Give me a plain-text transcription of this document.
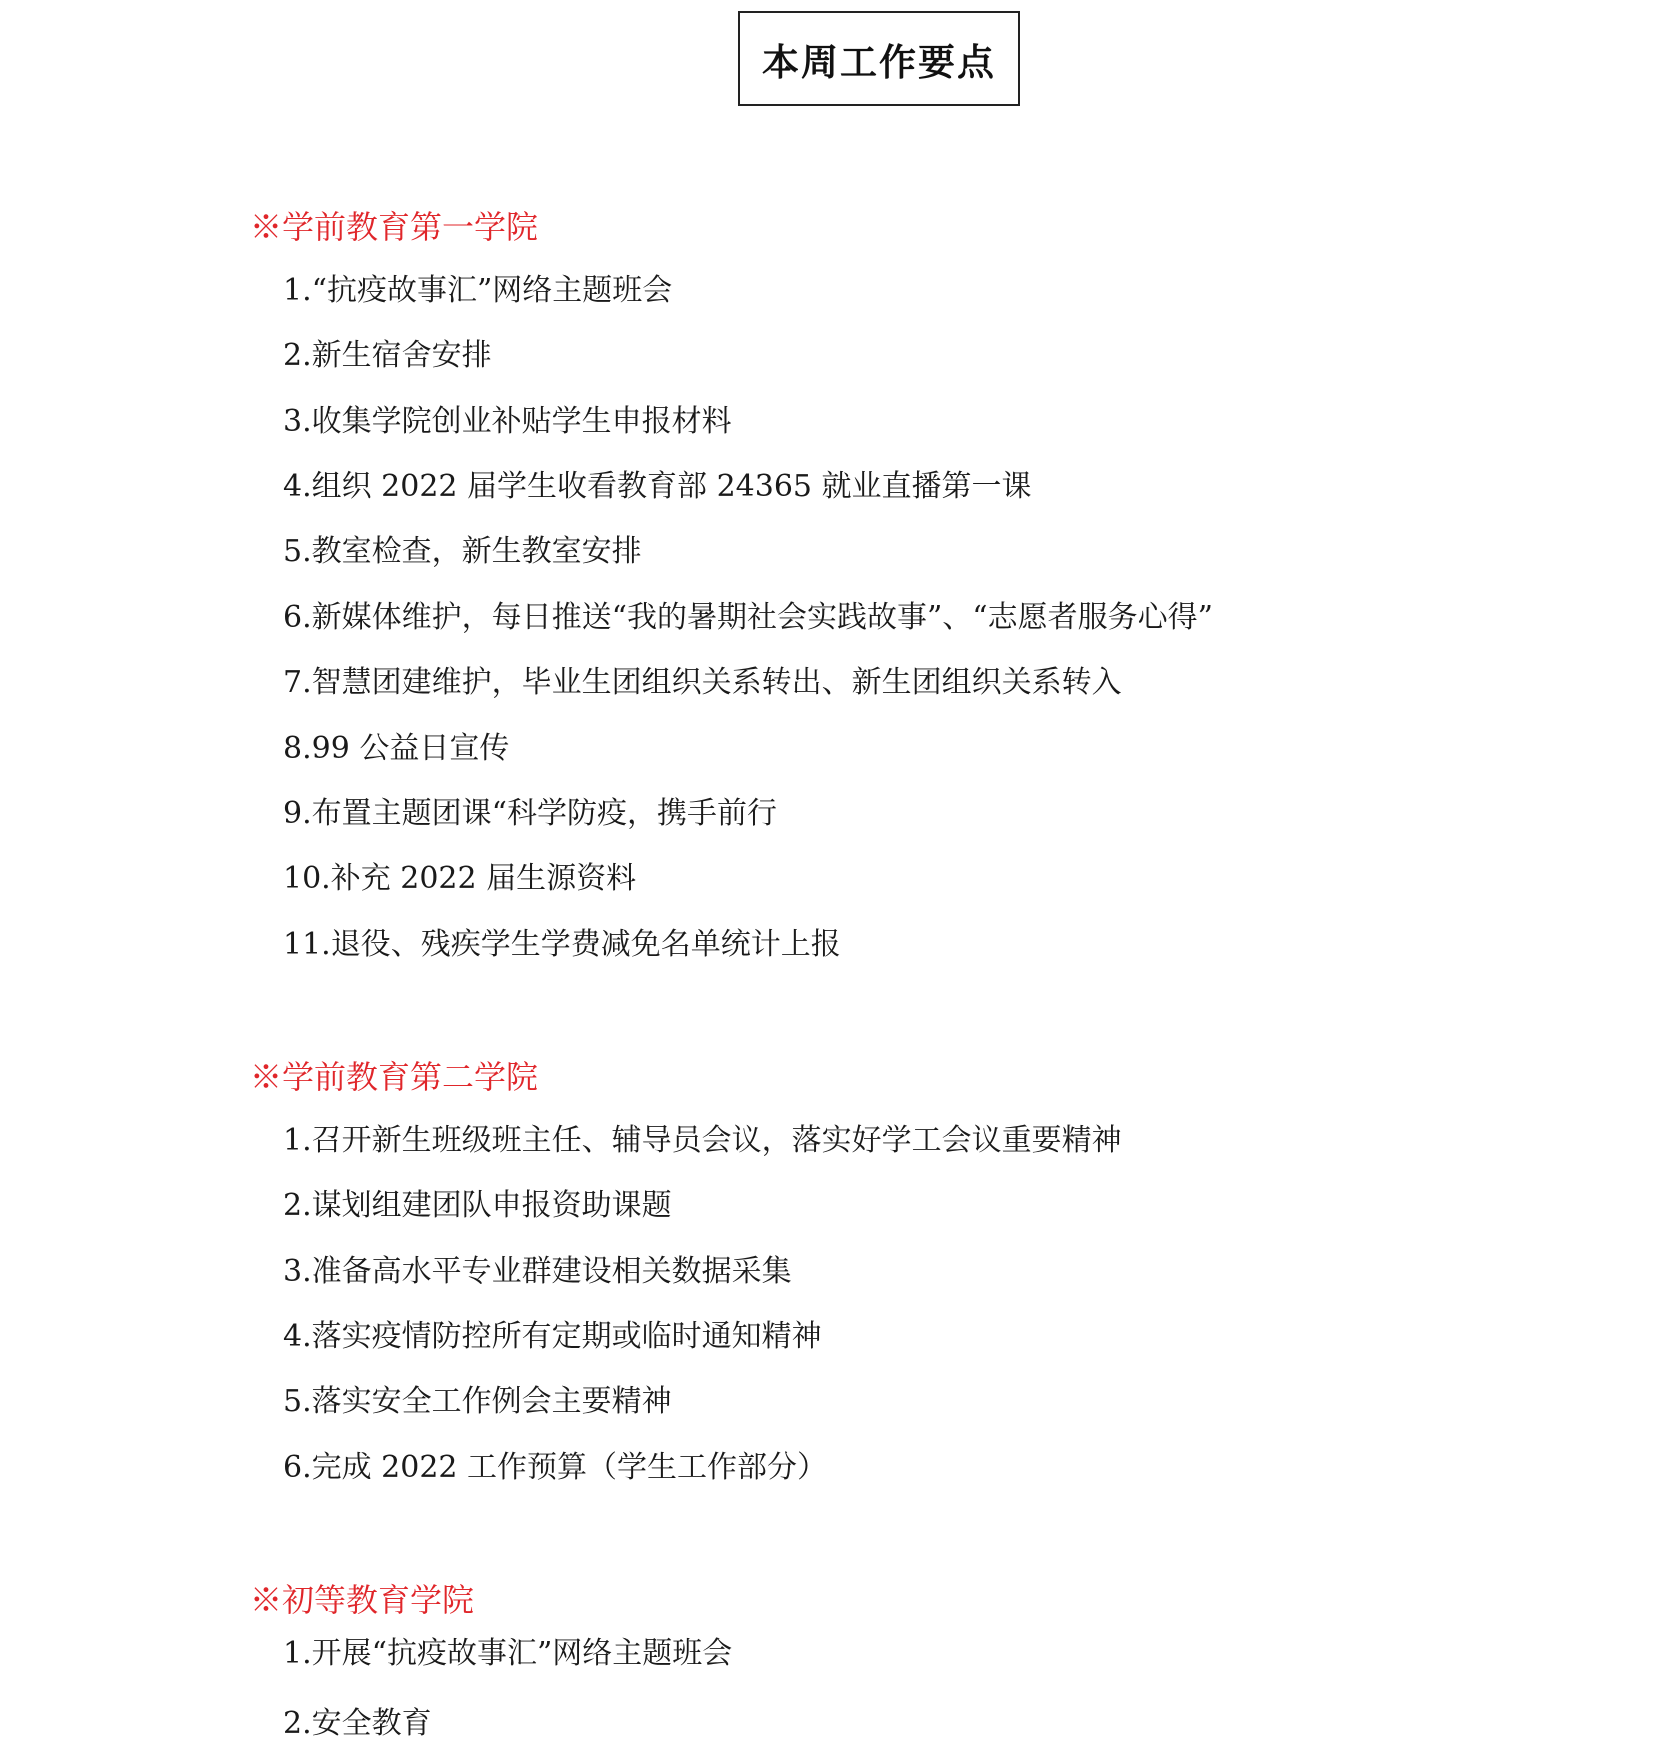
本周工作要点
※学前教育第一学院
1.“抗疫故事汇”网络主题班会
2.新生宿舍安排
3.收集学院创业补贴学生申报材料
4.组织 2022 届学生收看教育部 24365 就业直播第一课
5.教室检查，新生教室安排
6.新媒体维护，每日推送“我的暑期社会实践故事”、“志愿者服务心得”
7.智慧团建维护，毕业生团组织关系转出、新生团组织关系转入
8.99 公益日宣传
9.布置主题团课“科学防疫，携手前行
10.补充 2022 届生源资料
11.退役、残疾学生学费减免名单统计上报
※学前教育第二学院
1.召开新生班级班主任、辅导员会议，落实好学工会议重要精神
2.谋划组建团队申报资助课题
3.准备高水平专业群建设相关数据采集
4.落实疫情防控所有定期或临时通知精神
5.落实安全工作例会主要精神
6.完成 2022 工作预算（学生工作部分）
※初等教育学院
1.开展“抗疫故事汇”网络主题班会
2.安全教育
